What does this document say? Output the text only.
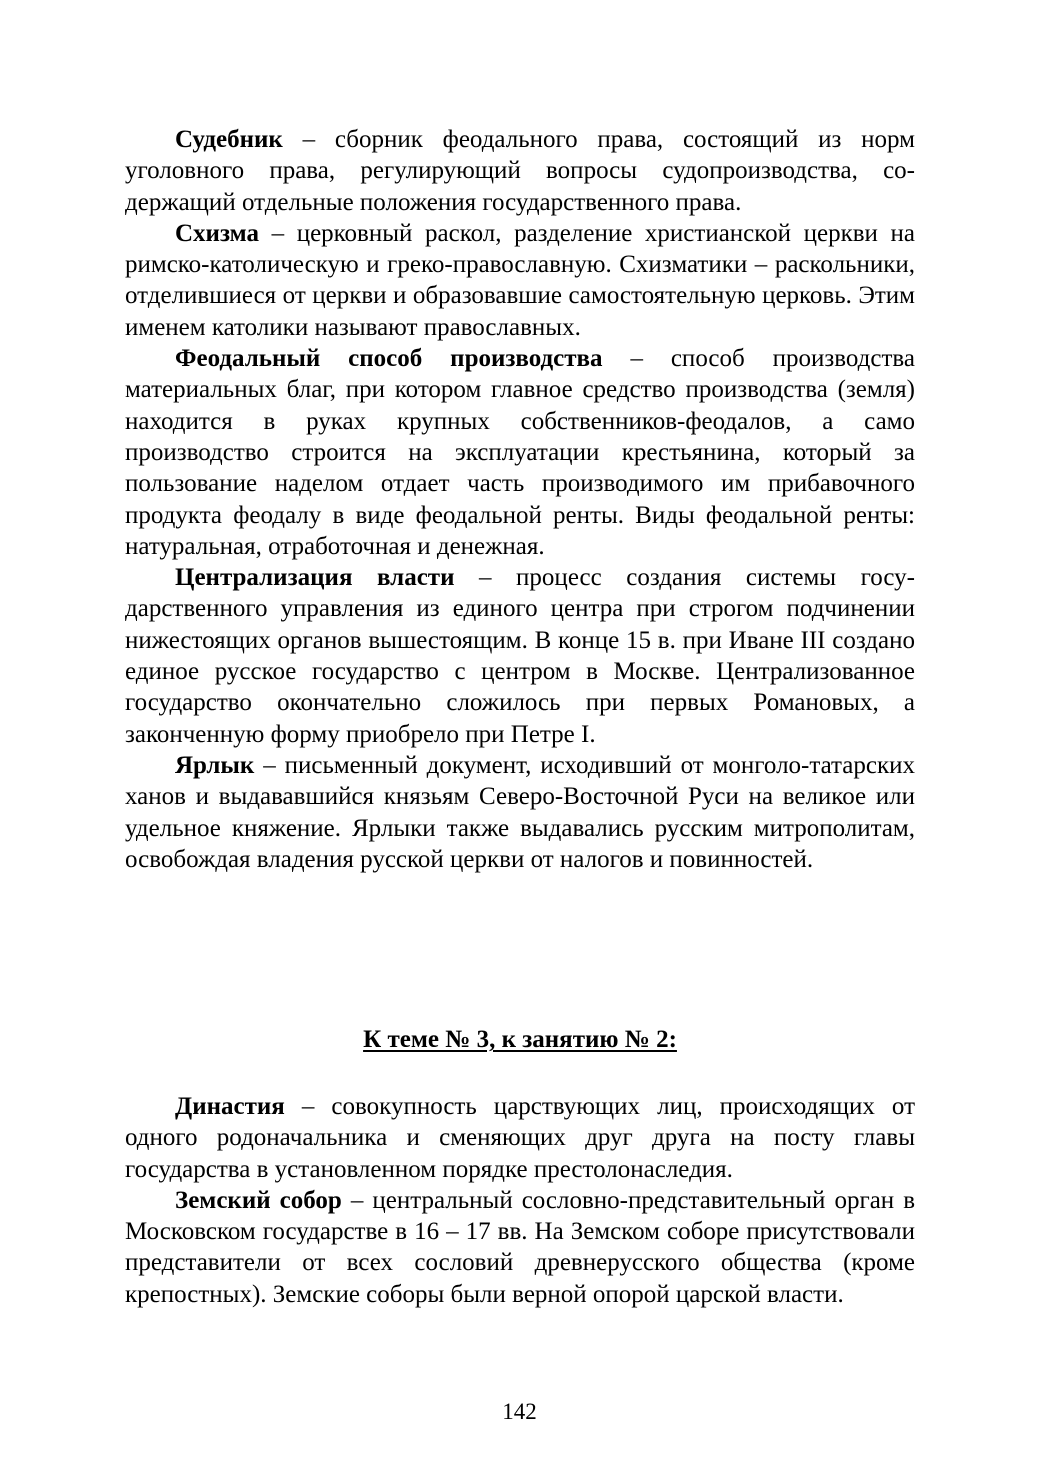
Судебник – сборник феодального права, состоящий из норм уголовного права, регулирующий вопросы судопроизводства, содержащий отдельные положения государственного права.

Схизма – церковный раскол, разделение христианской церкви на римско-католическую и греко-православную. Схизматики – раскольники, отделившиеся от церкви и образовавшие самостоятельную церковь. Этим именем католики называют православных.

Феодальный способ производства – способ производства материальных благ, при котором главное средство производства (земля) находится в руках крупных собственников-феодалов, а само производство строится на эксплуатации крестьянина, который за пользование наделом отдает часть производимого им прибавочного продукта феодалу в виде феодальной ренты. Виды феодальной ренты: натуральная, отработочная и денежная.

Централизация власти – процесс создания системы государственного управления из единого центра при строгом подчинении нижестоящих органов вышестоящим. В конце 15 в. при Иване III создано единое русское государство с центром в Москве. Централизованное государство окончательно сложилось при первых Романовых, а законченную форму приобрело при Петре I.

Ярлык – письменный документ, исходивший от монголо-татарских ханов и выдававшийся князьям Северо-Восточной Руси на великое или удельное княжение. Ярлыки также выдавались русским митрополитам, освобождая владения русской церкви от налогов и повинностей.

К теме № 3, к занятию № 2:

Династия – совокупность царствующих лиц, происходящих от одного родоначальника и сменяющих друг друга на посту главы государства в установленном порядке престолонаследия.

Земский собор – центральный сословно-представительный орган в Московском государстве в 16 – 17 вв. На Земском соборе присутствовали представители от всех сословий древнерусского общества (кроме крепостных). Земские соборы были верной опорой царской власти.

142
